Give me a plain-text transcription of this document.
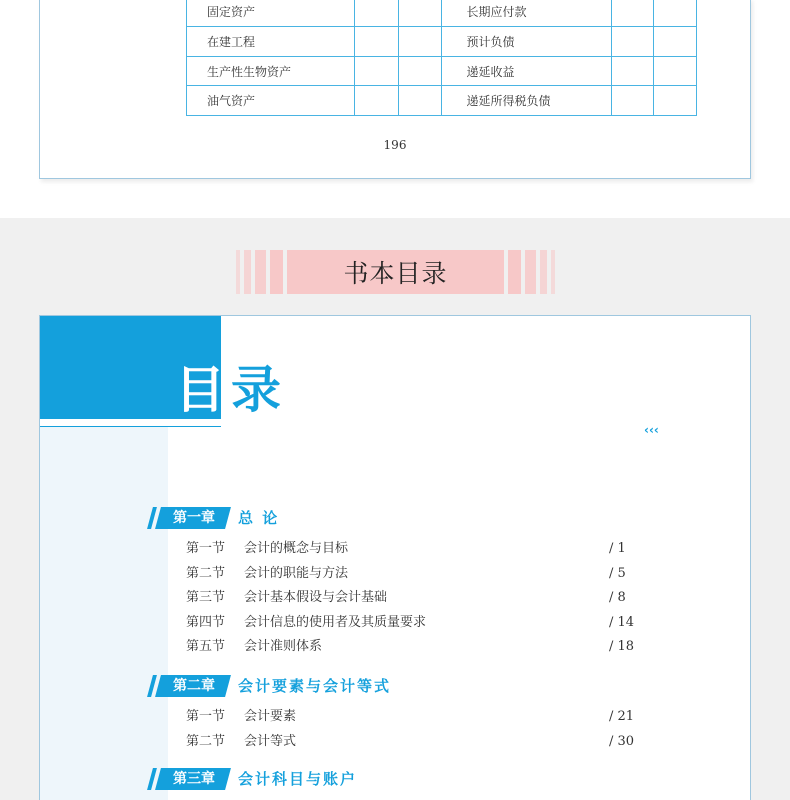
固定资产			长期应付款		
在建工程			预计负债		
生产性生物资产			递延收益		
油气资产			递延所得税负债		
196
书本目录
目录
‹‹‹
第一章	总 论
第一节 会计的概念与目标	/ 1
第二节 会计的职能与方法	/ 5
第三节 会计基本假设与会计基础	/ 8
第四节 会计信息的使用者及其质量要求	/ 14
第五节 会计准则体系	/ 18
第二章	会计要素与会计等式
第一节 会计要素	/ 21
第二节 会计等式	/ 30
第三章	会计科目与账户
